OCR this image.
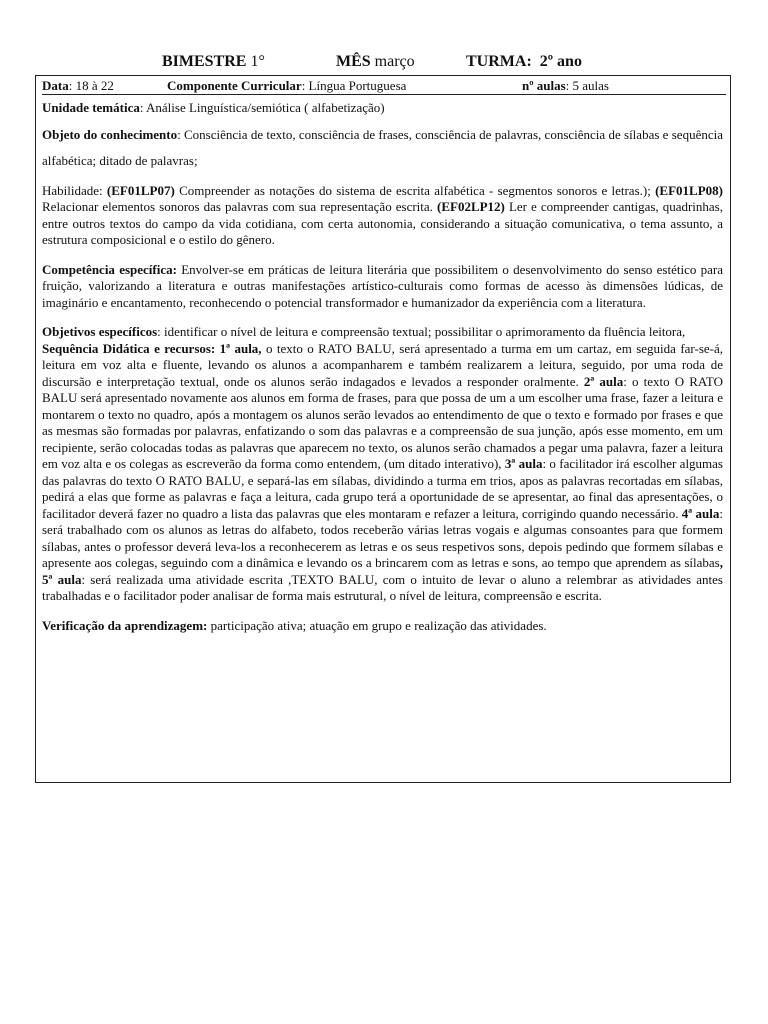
BIMESTRE 1°	MÊS março	TURMA: 2º ano
Data: 18 à 22	Componente Curricular: Língua Portuguesa	nº aulas: 5 aulas

Unidade temática: Análise Linguística/semiótica ( alfabetização)

Objeto do conhecimento: Consciência de texto, consciência de frases, consciência de palavras, consciência de sílabas e sequência alfabética; ditado de palavras;

Habilidade: (EF01LP07) Compreender as notações do sistema de escrita alfabética - segmentos sonoros e letras.); (EF01LP08) Relacionar elementos sonoros das palavras com sua representação escrita. (EF02LP12) Ler e compreender cantigas, quadrinhas, entre outros textos do campo da vida cotidiana, com certa autonomia, considerando a situação comunicativa, o tema assunto, a estrutura composicional e o estilo do gênero.

Competência específica: Envolver-se em práticas de leitura literária que possibilitem o desenvolvimento do senso estético para fruição, valorizando a literatura e outras manifestações artístico-culturais como formas de acesso às dimensões lúdicas, de imaginário e encantamento, reconhecendo o potencial transformador e humanizador da experiência com a literatura.

Objetivos específicos: identificar o nível de leitura e compreensão textual; possibilitar o aprimoramento da fluência leitora,

Sequência Didática e recursos: 1ª aula, o texto o RATO BALU, será apresentado a turma em um cartaz, em seguida far-se-á, leitura em voz alta e fluente, levando os alunos a acompanharem e também realizarem a leitura, seguido, por uma roda de discursão e interpretação textual, onde os alunos serão indagados e levados a responder oralmente. 2ª aula: o texto O RATO BALU será apresentado novamente aos alunos em forma de frases, para que possa de um a um escolher uma frase, fazer a leitura e montarem o texto no quadro, após a montagem os alunos serão levados ao entendimento de que o texto e formado por frases e que as mesmas são formadas por palavras, enfatizando o som das palavras e a compreensão de sua junção, após esse momento, em um recipiente, serão colocadas todas as palavras que aparecem no texto, os alunos serão chamados a pegar uma palavra, fazer a leitura em voz alta e os colegas as escreverão da forma como entendem, (um ditado interativo), 3ª aula: o facilitador irá escolher algumas das palavras do texto O RATO BALU, e separá-las em sílabas, dividindo a turma em trios, apos as palavras recortadas em sílabas, pedirá a elas que forme as palavras e faça a leitura, cada grupo terá a oportunidade de se apresentar, ao final das apresentações, o facilitador deverá fazer no quadro a lista das palavras que eles montaram e refazer a leitura, corrigindo quando necessário. 4ª aula: será trabalhado com os alunos as letras do alfabeto, todos receberão várias letras vogais e algumas consoantes para que formem sílabas, antes o professor deverá leva-los a reconhecerem as letras e os seus respetivos sons, depois pedindo que formem sílabas e apresente aos colegas, seguindo com a dinâmica e levando os a brincarem com as letras e sons, ao tempo que aprendem as sílabas, 5ª aula: será realizada uma atividade escrita ,TEXTO BALU, com o intuito de levar o aluno a relembrar as atividades antes trabalhadas e o facilitador poder analisar de forma mais estrutural, o nível de leitura, compreensão e escrita.

Verificação da aprendizagem: participação ativa; atuação em grupo e realização das atividades.
